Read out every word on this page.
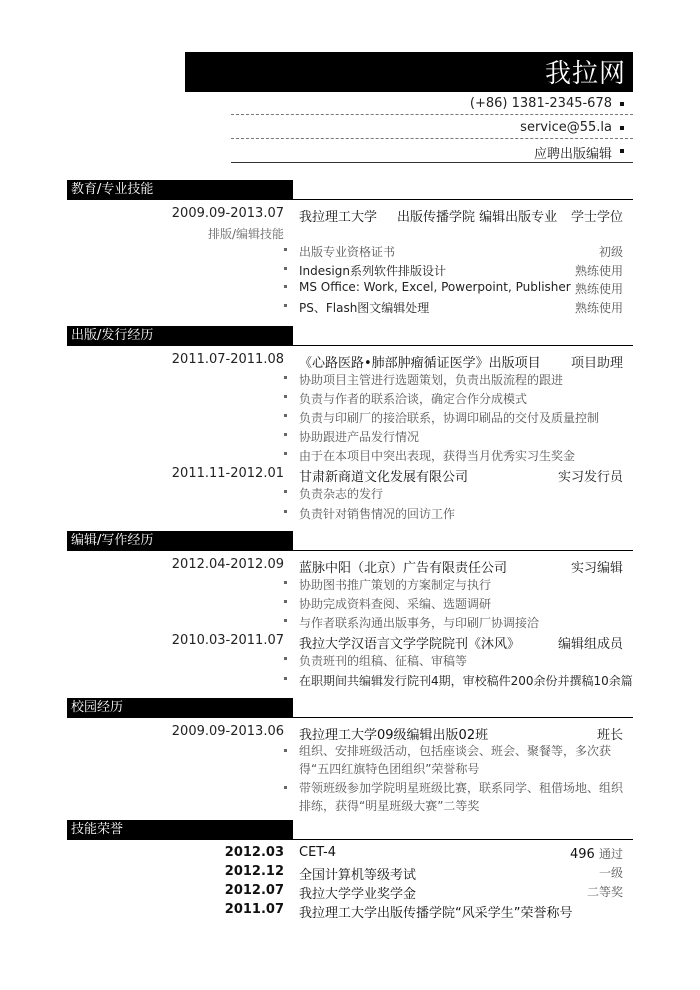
我拉网
(+86) 1381-2345-678
service@55.la
应聘出版编辑
教育/专业技能
2009.09-2013.07 我拉理工大学 出版传播学院 编辑出版专业 学士学位
排版/编辑技能
出版专业资格证书	初级
Indesign系列软件排版设计	熟练使用
MS Office: Work, Excel, Powerpoint, Publisher 熟练使用
PS、Flash图文编辑处理	熟练使用
出版/发行经历
2011.07-2011.08 《心路医路•肺部肿瘤循证医学》出版项目 项目助理
协助项目主管进行选题策划，负责出版流程的跟进
负责与作者的联系洽谈，确定合作分成模式
负责与印刷厂的接洽联系，协调印刷品的交付及质量控制
协助跟进产品发行情况
由于在本项目中突出表现，获得当月优秀实习生奖金
2011.11-2012.01 甘肃新商道文化发展有限公司	实习发行员
负责杂志的发行
负责针对销售情况的回访工作
编辑/写作经历
2012.04-2012.09 蓝脉中阳（北京）广告有限责任公司	实习编辑
协助图书推广策划的方案制定与执行
协助完成资料查阅、采编、选题调研
与作者联系沟通出版事务，与印刷厂协调接洽
2010.03-2011.07 我拉大学汉语言文学学院院刊《沐风》	编辑组成员
负责班刊的组稿、征稿、审稿等
在职期间共编辑发行院刊4期，审校稿件200余份并撰稿10余篇
校园经历
2009.09-2013.06 我拉理工大学09级编辑出版02班	班长
组织、安排班级活动，包括座谈会、班会、聚餐等，多次获得“五四红旗特色团组织”荣誉称号
带领班级参加学院明星班级比赛，联系同学、租借场地、组织排练，获得“明星班级大赛”二等奖
技能荣誉
2012.03 CET-4	496 通过
2012.12 全国计算机等级考试	一级
2012.07 我拉大学学业奖学金	二等奖
2011.07 我拉理工大学出版传播学院“风采学生”荣誉称号
